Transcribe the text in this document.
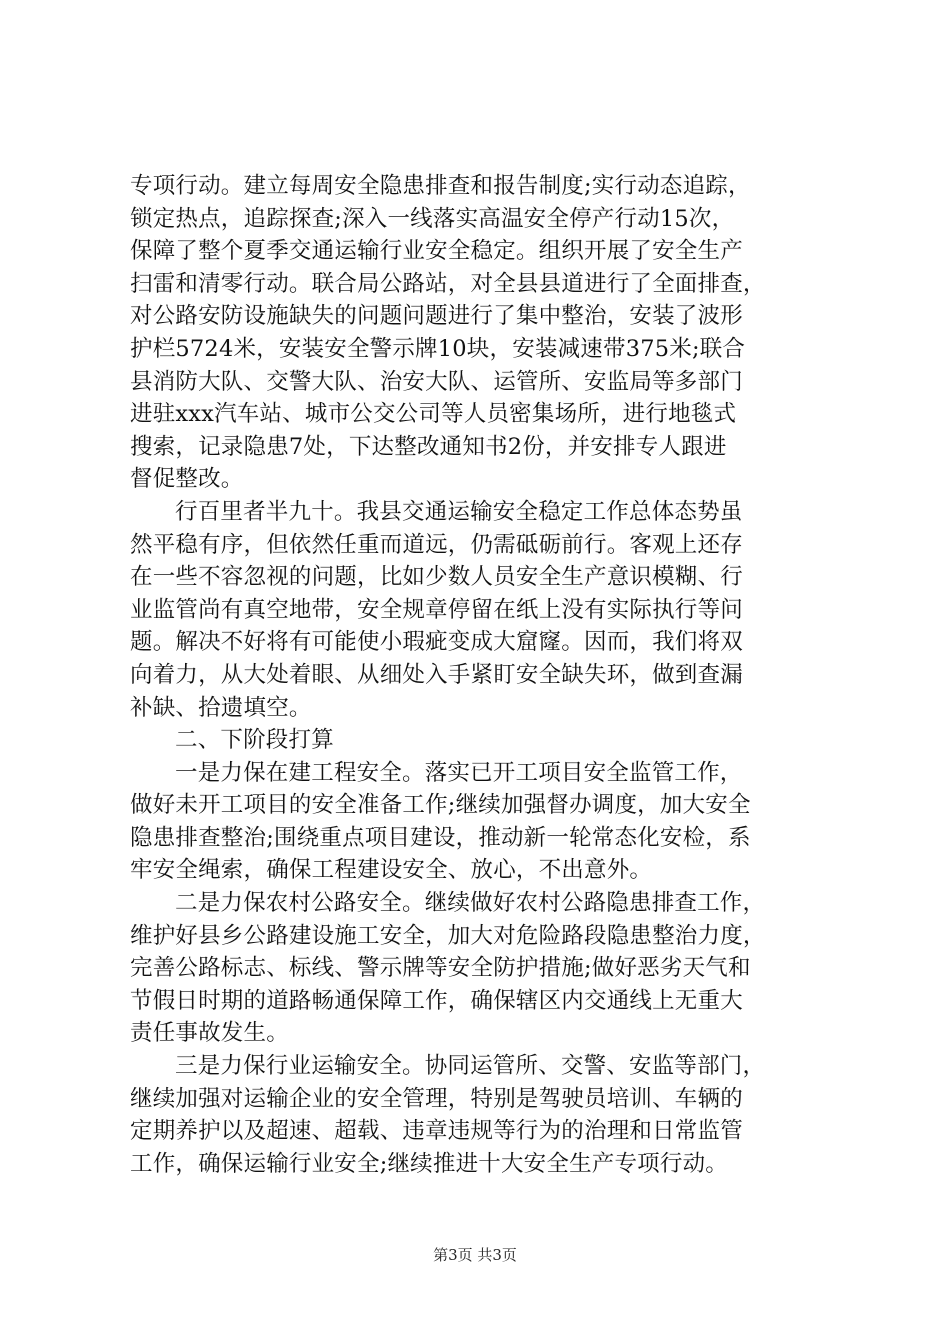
专项行动。建立每周安全隐患排查和报告制度;实行动态追踪，
锁定热点，追踪探查;深入一线落实高温安全停产行动15次，
保障了整个夏季交通运输行业安全稳定。组织开展了安全生产
扫雷和清零行动。联合局公路站，对全县县道进行了全面排查，
对公路安防设施缺失的问题问题进行了集中整治，安装了波形
护栏5724米，安装安全警示牌10块，安装减速带375米;联合
县消防大队、交警大队、治安大队、运管所、安监局等多部门
进驻xxx汽车站、城市公交公司等人员密集场所，进行地毯式
搜索，记录隐患7处，下达整改通知书2份，并安排专人跟进
督促整改。
行百里者半九十。我县交通运输安全稳定工作总体态势虽
然平稳有序，但依然任重而道远，仍需砥砺前行。客观上还存
在一些不容忽视的问题，比如少数人员安全生产意识模糊、行
业监管尚有真空地带，安全规章停留在纸上没有实际执行等问
题。解决不好将有可能使小瑕疵变成大窟窿。因而，我们将双
向着力，从大处着眼、从细处入手紧盯安全缺失环，做到查漏
补缺、拾遗填空。
二、下阶段打算
一是力保在建工程安全。落实已开工项目安全监管工作，
做好未开工项目的安全准备工作;继续加强督办调度，加大安全
隐患排查整治;围绕重点项目建设，推动新一轮常态化安检，系
牢安全绳索，确保工程建设安全、放心，不出意外。
二是力保农村公路安全。继续做好农村公路隐患排查工作，
维护好县乡公路建设施工安全，加大对危险路段隐患整治力度，
完善公路标志、标线、警示牌等安全防护措施;做好恶劣天气和
节假日时期的道路畅通保障工作，确保辖区内交通线上无重大
责任事故发生。
三是力保行业运输安全。协同运管所、交警、安监等部门，
继续加强对运输企业的安全管理，特别是驾驶员培训、车辆的
定期养护以及超速、超载、违章违规等行为的治理和日常监管
工作，确保运输行业安全;继续推进十大安全生产专项行动。
第3页 共3页
